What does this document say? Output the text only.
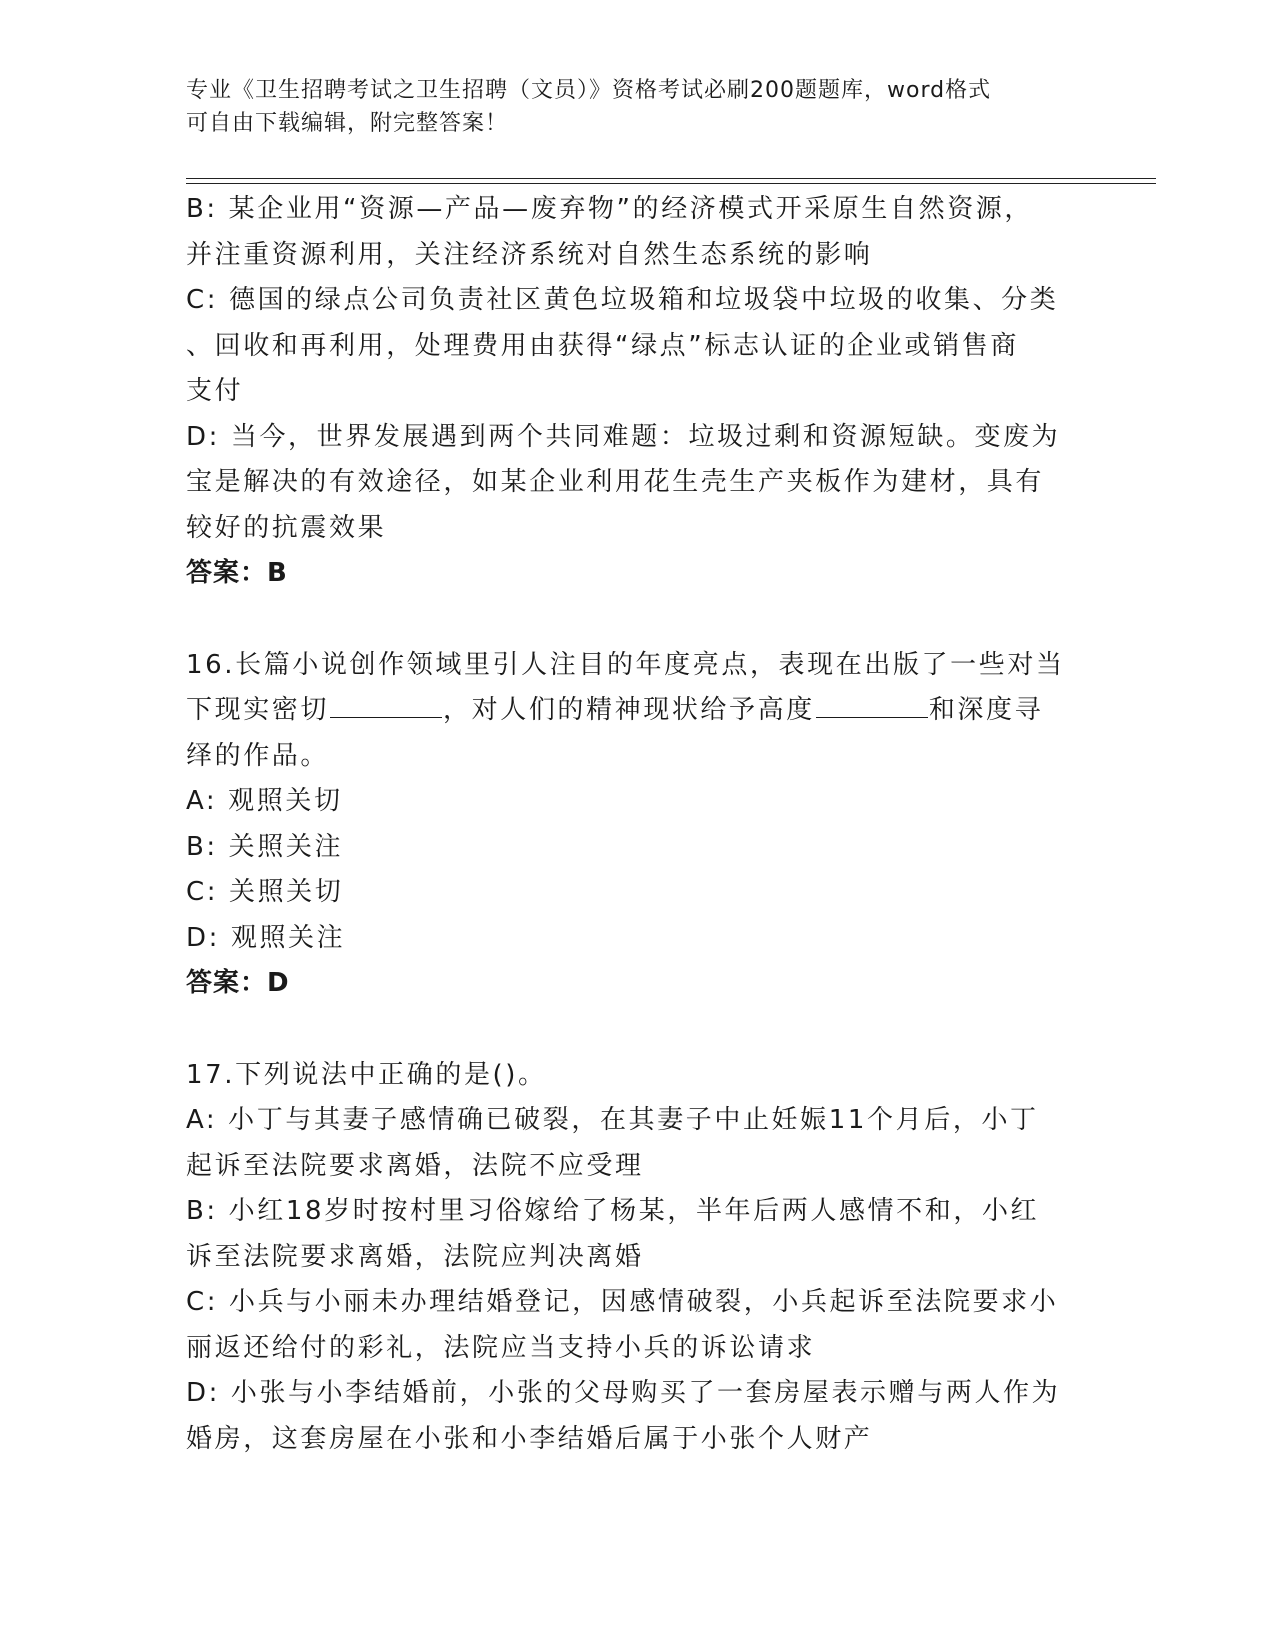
专业《卫生招聘考试之卫生招聘（文员）》资格考试必刷200题题库，word格式
可自由下载编辑，附完整答案！
B: 某企业用“资源—产品—废弃物”的经济模式开采原生自然资源，
并注重资源利用，关注经济系统对自然生态系统的影响
C: 德国的绿点公司负责社区黄色垃圾箱和垃圾袋中垃圾的收集、分类
、回收和再利用，处理费用由获得“绿点”标志认证的企业或销售商
支付
D: 当今，世界发展遇到两个共同难题：垃圾过剩和资源短缺。变废为
宝是解决的有效途径，如某企业利用花生壳生产夹板作为建材，具有
较好的抗震效果
答案：B
16.长篇小说创作领域里引人注目的年度亮点，表现在出版了一些对当
下现实密切	，对人们的精神现状给予高度	和深度寻
绎的作品。
A: 观照关切
B: 关照关注
C: 关照关切
D: 观照关注
答案：D
17.下列说法中正确的是()。
A: 小丁与其妻子感情确已破裂，在其妻子中止妊娠11个月后，小丁
起诉至法院要求离婚，法院不应受理
B: 小红18岁时按村里习俗嫁给了杨某，半年后两人感情不和，小红
诉至法院要求离婚，法院应判决离婚
C: 小兵与小丽未办理结婚登记，因感情破裂，小兵起诉至法院要求小
丽返还给付的彩礼，法院应当支持小兵的诉讼请求
D: 小张与小李结婚前，小张的父母购买了一套房屋表示赠与两人作为
婚房，这套房屋在小张和小李结婚后属于小张个人财产
